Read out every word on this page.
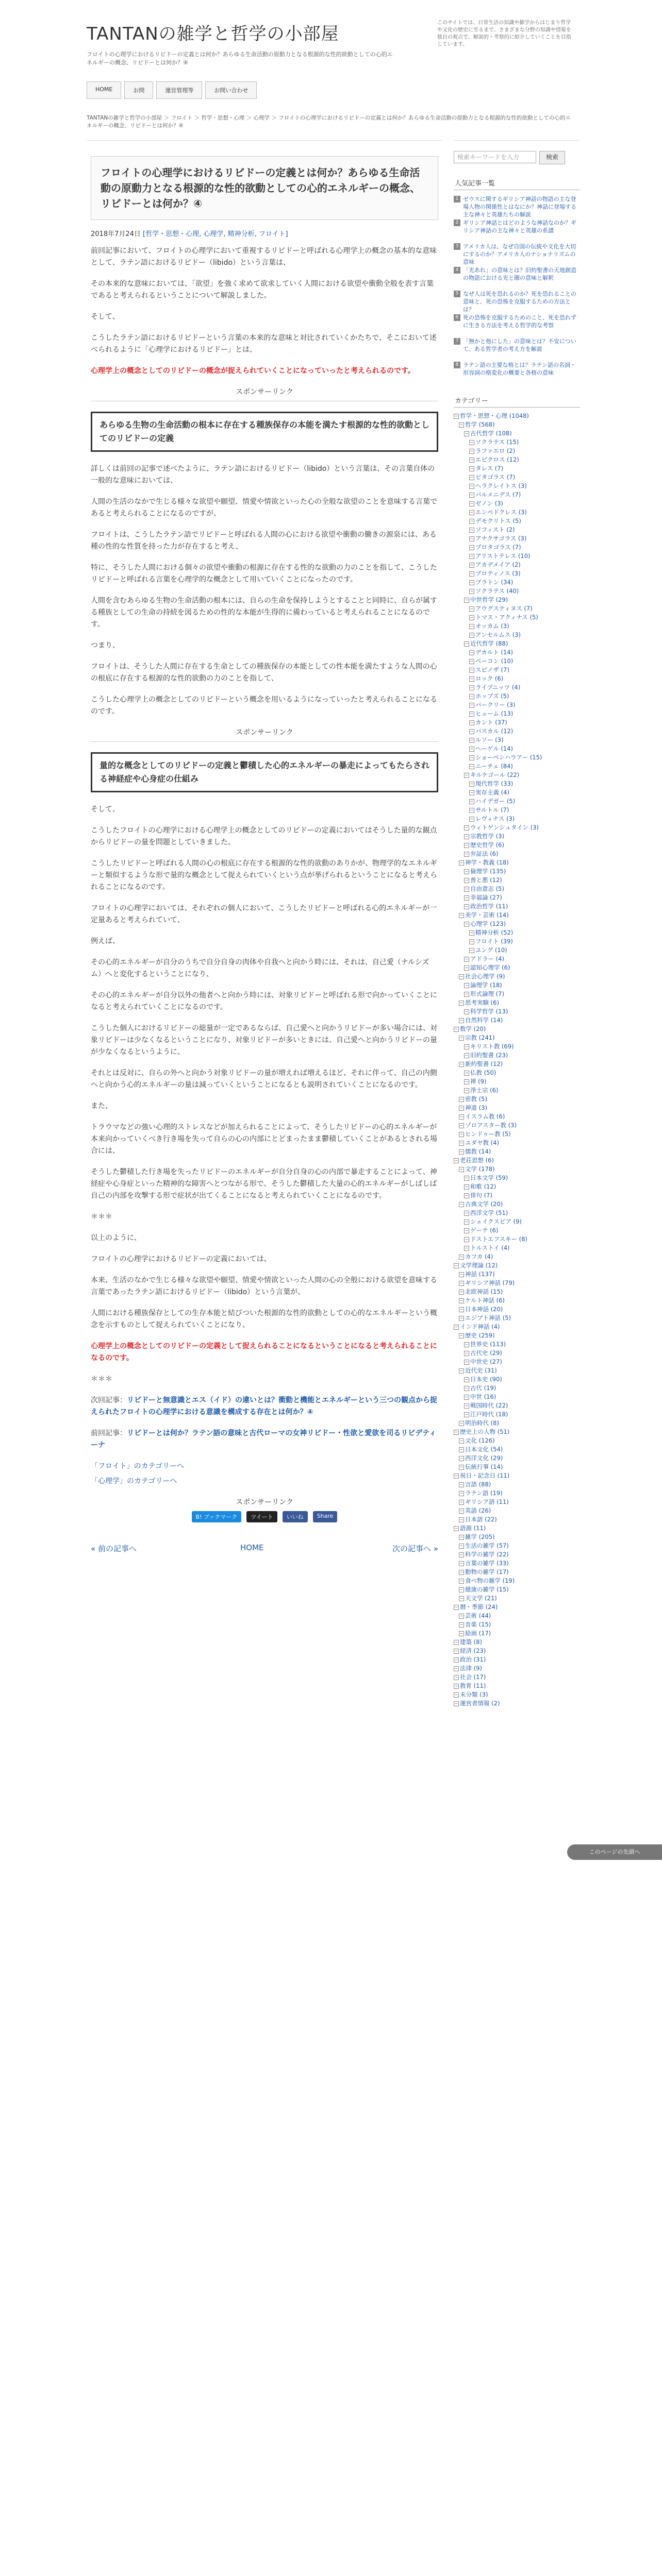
TANTANの雑学と哲学の小部屋
フロイトの心理学におけるリビドーの定義とは何か？あらゆる生命活動の原動力となる根源的な性的欲動としての心的エネルギーの概念、リビドーとは何か？④
このサイトでは、日常生活の知識や雑学からはじまり哲学や文化の歴史に至るまで、さまざまな分野の知識や情報を独自の視点で、解説的・考察的に紹介していくことを目指しています。
HOME	お問	運営管理等	お問い合わせ
TANTANの雑学と哲学の小部屋 ＞ フロイト ＞ 哲学・思想・心理 ＞ 心理学 ＞ フロイトの心理学におけるリビドーの定義とは何か？あらゆる生命活動の原動力となる根源的な性的欲動としての心的エネルギーの概念、リビドーとは何か？④
フロイトの心理学におけるリビドーの定義とは何か？あらゆる生命活動の原動力となる根源的な性的欲動としての心的エネルギーの概念、リビドーとは何か？④
2018年7月24日 [哲学・思想・心理, 心理学, 精神分析, フロイト]
前回記事において、フロイトの心理学において重視するリビドーと呼ばれる心理学上の概念の基本的な意味として、ラテン語におけるリビドー（libido）という言葉は、
その本来的な意味においては、「欲望」を強く求めて欲求していく人間における欲望や衝動全般を表す言葉であると考えられるということについて解説しました。
そして、
こうしたラテン語におけるリビドーという言葉の本来的な意味と対比されていくかたちで、そこにおいて述べられるように「心理学におけるリビドー」とは、
心理学上の概念としてのリビドーの概念が捉えられていくことになっていったと考えられるのです。
スポンサーリンク
あらゆる生物の生命活動の根本に存在する種族保存の本能を満たす根源的な性的欲動としてのリビドーの定義
詳しくは前回の記事で述べたように、ラテン語におけるリビドー（libido）という言葉は、その言葉自体の一般的な意味においては、
人間の生活のなかで生じる様々な欲望や願望、情愛や情欲といった心の全般な欲望のことを意味する言葉であると考えられることになるのですが、
フロイトは、こうしたラテン語でリビドーと呼ばれる人間の心における欲望や衝動の働きの源泉には、ある種の性的な性質を持った力が存在すると考え、
特に、そうした人間における個々の欲望や衝動の根源に存在する性的な欲動の力のことを指して、こうしたリビドーと呼ばれる言葉を心理学的な概念として用いていくことになったのです。
人間を含むあらゆる生物の生命活動の根本には、自らの生命を保持しようとすることと同時に、自らが属する種族としての生命の持続を図るための性的な本能が生得的に備わっていると考えられることになるのです。
つまり、
フロイトは、そうした人間に存在する生命としての種族保存の本能としての性本能を満たすような人間の心の根底に存在する根源的な性的欲動の力のことを指して、
こうした心理学上の概念としてのリビドーという概念を用いるようになっていったと考えられることになるのです。
スポンサーリンク
量的な概念としてのリビドーの定義と鬱積した心的エネルギーの暴走によってもたらされる神経症や心身症の仕組み
そして、
こうしたフロイトの心理学における心理学上の概念としてのリビドーの定義においてはそうした量的な観点からリビドーの量を問題としていきました。
こうしたリビドーと呼ばれる人間の心の根底に存在する根源的な性的欲動のありかが、物理学的なエネルギーと類似するような形で量的な概念として捉えられていくという点が挙げられるということになると考えられることになるのです。
フロイトの心理学においては、それぞれの個人において、こうしたリビドーと呼ばれる心的エネルギーが一定量あると考えられていて、
例えば、
その心的エネルギーが自分のうちで自分自身の肉体や自我へと向かう時には、それは、自己愛（ナルシズム）へと変化するということになり、
その心的エネルギーが自分以外の他者へと向かう時には、対象リビドーと呼ばれる形で向かっていくことになると考えられていくことになるのです。
こうした個人におけるリビドーの総量が一定であるならば、自己愛へと向かうリビドーが多い場合には、対象リビドーは少なくなるということになり、対象リビドーが多いときには、自己愛へと向かうリビドーの量が少なくなるというように、
それとは反対に、自らの外へと向かう対象リビドーの量が増えれば増えるほど、それに伴って、自己の内側へと向かう心的エネルギーの量は減っていくということになるとも説明されていくことになるのです。
また、
トラウマなどの強い心理的ストレスなどが加えられることによって、そうしたリビドーの心的エネルギーが本来向かっていくべき行き場を失って自らの心の内部にとどまったまま鬱積していくことがあるとされる場合には、
そうした鬱積した行き場を失ったリビドーのエネルギーが自分自身の心の内部で暴走することによって、神経症や心身症といった精神的な障害へとつながる形で、そうした鬱積した大量の心的エネルギーがしばしば自己の内部を攻撃する形で症状が出てくることになると考えられていくことになるのです。
＊＊＊
以上のように、
フロイトの心理学におけるリビドーの定義においては、
本来、生活のなかで生じる様々な欲望や願望、情愛や情欲といった人間の心の全般における欲望を意味する言葉であったラテン語におけるリビドー（libido）という言葉が、
人間における種族保存としての生存本能と結びついた根源的な性的欲動としての心的なエネルギーという概念を示すものとして捉えられていくことになり、
心理学上の概念としてのリビドーの定義として捉えられることになるということになると考えられることになるのです。
＊＊＊
次回記事：リビドーと無意識とエス（イド）の違いとは？衝動と機能とエネルギーという三つの観点から捉えられたフロイトの心理学における意識を構成する存在とは何か？④
前回記事：リビドーとは何か？ラテン語の意味と古代ローマの女神リビドー・性欲と愛欲を司るリビデティーナ
「フロイト」のカテゴリーへ
「心理学」のカテゴリーへ
スポンサーリンク
B! ブックマーク	ツイート	いいね	Share
« 前の記事へ	HOME	次の記事へ »
検索キーワードを入力	検索
人気記事一覧
1 ゼウスに関するギリシア神話の物語の主な登場人物の関係性とはなにか？神話に登場する主な神々と英雄たちの解説
2 ギリシア神話とはどのような神話なのか？ギリシア神話の主な神々と英雄の系譜
3 アメリカ人は、なぜ自国の伝統や文化を大切にするのか？アメリカ人のナショナリズムの意味
4 「光あれ」の意味とは？旧約聖書の天地創造の物語における光と闇の意味と解釈
5 なぜ人は死を恐れるのか？死を恐れることの意味と、死の恐怖を克服するための方法とは？
6 死の恐怖を克服するためのこと、死を恐れずに生きる方法を考える哲学的な考察
7 「無かと他にした」の意味とは？不安について、ある哲学者の考え方を解説
8 ラテン語の主要な格とは？ラテン語の名詞・形容詞の格変化の概要と各格の意味
カテゴリー
− 哲学・思想・心理 (1048)
− 哲学 (568)
− 古代哲学 (108)
− ソクラテス (15)
− ラファエロ (2)
− エピクロス (12)
− タレス (7)
− ピタゴラス (7)
− ヘラクレイトス (3)
− パルメニデス (7)
− ゼノン (3)
− エンペドクレス (3)
− デモクリトス (5)
− ソフィスト (2)
− アナクサゴラス (3)
− プロタゴラス (7)
− アリストテレス (10)
− アカデメイア (2)
− プロティノス (3)
− プラトン (34)
− ソクラテス (40)
− 中世哲学 (29)
− アウグスティヌス (7)
− トマス・アクィナス (5)
− オッカム (3)
− アンセルムス (3)
− 近代哲学 (88)
− デカルト (14)
− ベーコン (10)
− スピノザ (7)
− ロック (6)
− ライプニッツ (4)
− ホッブズ (5)
− バークリー (3)
− ヒューム (13)
− カント (37)
− パスカル (12)
− ルソー (3)
− ヘーゲル (14)
− ショーペンハウアー (15)
− ニーチェ (84)
− キルケゴール (22)
− 現代哲学 (33)
− 実存主義 (4)
− ハイデガー (5)
− サルトル (7)
− レヴィナス (3)
− ウィトゲンシュタイン (3)
− 宗教哲学 (3)
− 歴史哲学 (6)
− 弁証法 (6)
− 神学・教義 (18)
− 倫理学 (135)
− 善と悪 (12)
− 自由意志 (5)
− 幸福論 (27)
− 政治哲学 (11)
− 美学・芸術 (14)
− 心理学 (123)
− 精神分析 (52)
− フロイト (39)
− ユング (10)
− アドラー (4)
− 認知心理学 (6)
− 社会心理学 (9)
− 論理学 (18)
− 形式論理 (7)
− 思考実験 (6)
− 科学哲学 (13)
− 自然科学 (14)
− 数学 (20)
− 宗教 (241)
− キリスト教 (69)
− 旧約聖書 (23)
− 新約聖書 (12)
− 仏教 (50)
− 禅 (9)
− 浄土宗 (6)
− 密教 (5)
− 神道 (3)
− イスラム教 (6)
− ゾロアスター教 (3)
− ヒンドゥー教 (5)
− ユダヤ教 (4)
− 儒教 (14)
− 老荘思想 (6)
− 文学 (178)
− 日本文学 (59)
− 和歌 (12)
− 俳句 (7)
− 古典文学 (20)
− 西洋文学 (51)
− シェイクスピア (9)
− ゲーテ (6)
− ドストエフスキー (8)
− トルストイ (4)
− カフカ (4)
− 文学理論 (12)
− 神話 (137)
− ギリシア神話 (79)
− 北欧神話 (15)
− ケルト神話 (6)
− 日本神話 (20)
− エジプト神話 (5)
− インド神話 (4)
− 歴史 (259)
− 世界史 (113)
− 古代史 (29)
− 中世史 (27)
− 近代史 (31)
− 日本史 (90)
− 古代 (19)
− 中世 (16)
− 戦国時代 (22)
− 江戸時代 (18)
− 明治時代 (8)
− 歴史上の人物 (51)
− 文化 (126)
− 日本文化 (54)
− 西洋文化 (29)
− 伝統行事 (14)
− 祝日・記念日 (11)
− 言語 (88)
− ラテン語 (19)
− ギリシア語 (11)
− 英語 (26)
− 日本語 (22)
− 語源 (11)
− 雑学 (205)
− 生活の雑学 (57)
− 科学の雑学 (22)
− 言葉の雑学 (33)
− 動物の雑学 (17)
− 食べ物の雑学 (19)
− 健康の雑学 (15)
− 天文学 (21)
− 暦・季節 (24)
− 芸術 (44)
− 音楽 (15)
− 絵画 (17)
− 建築 (8)
− 経済 (23)
− 政治 (31)
− 法律 (9)
− 社会 (17)
− 教育 (11)
− 未分類 (3)
− 運営者情報 (2)
このページの先頭へ
